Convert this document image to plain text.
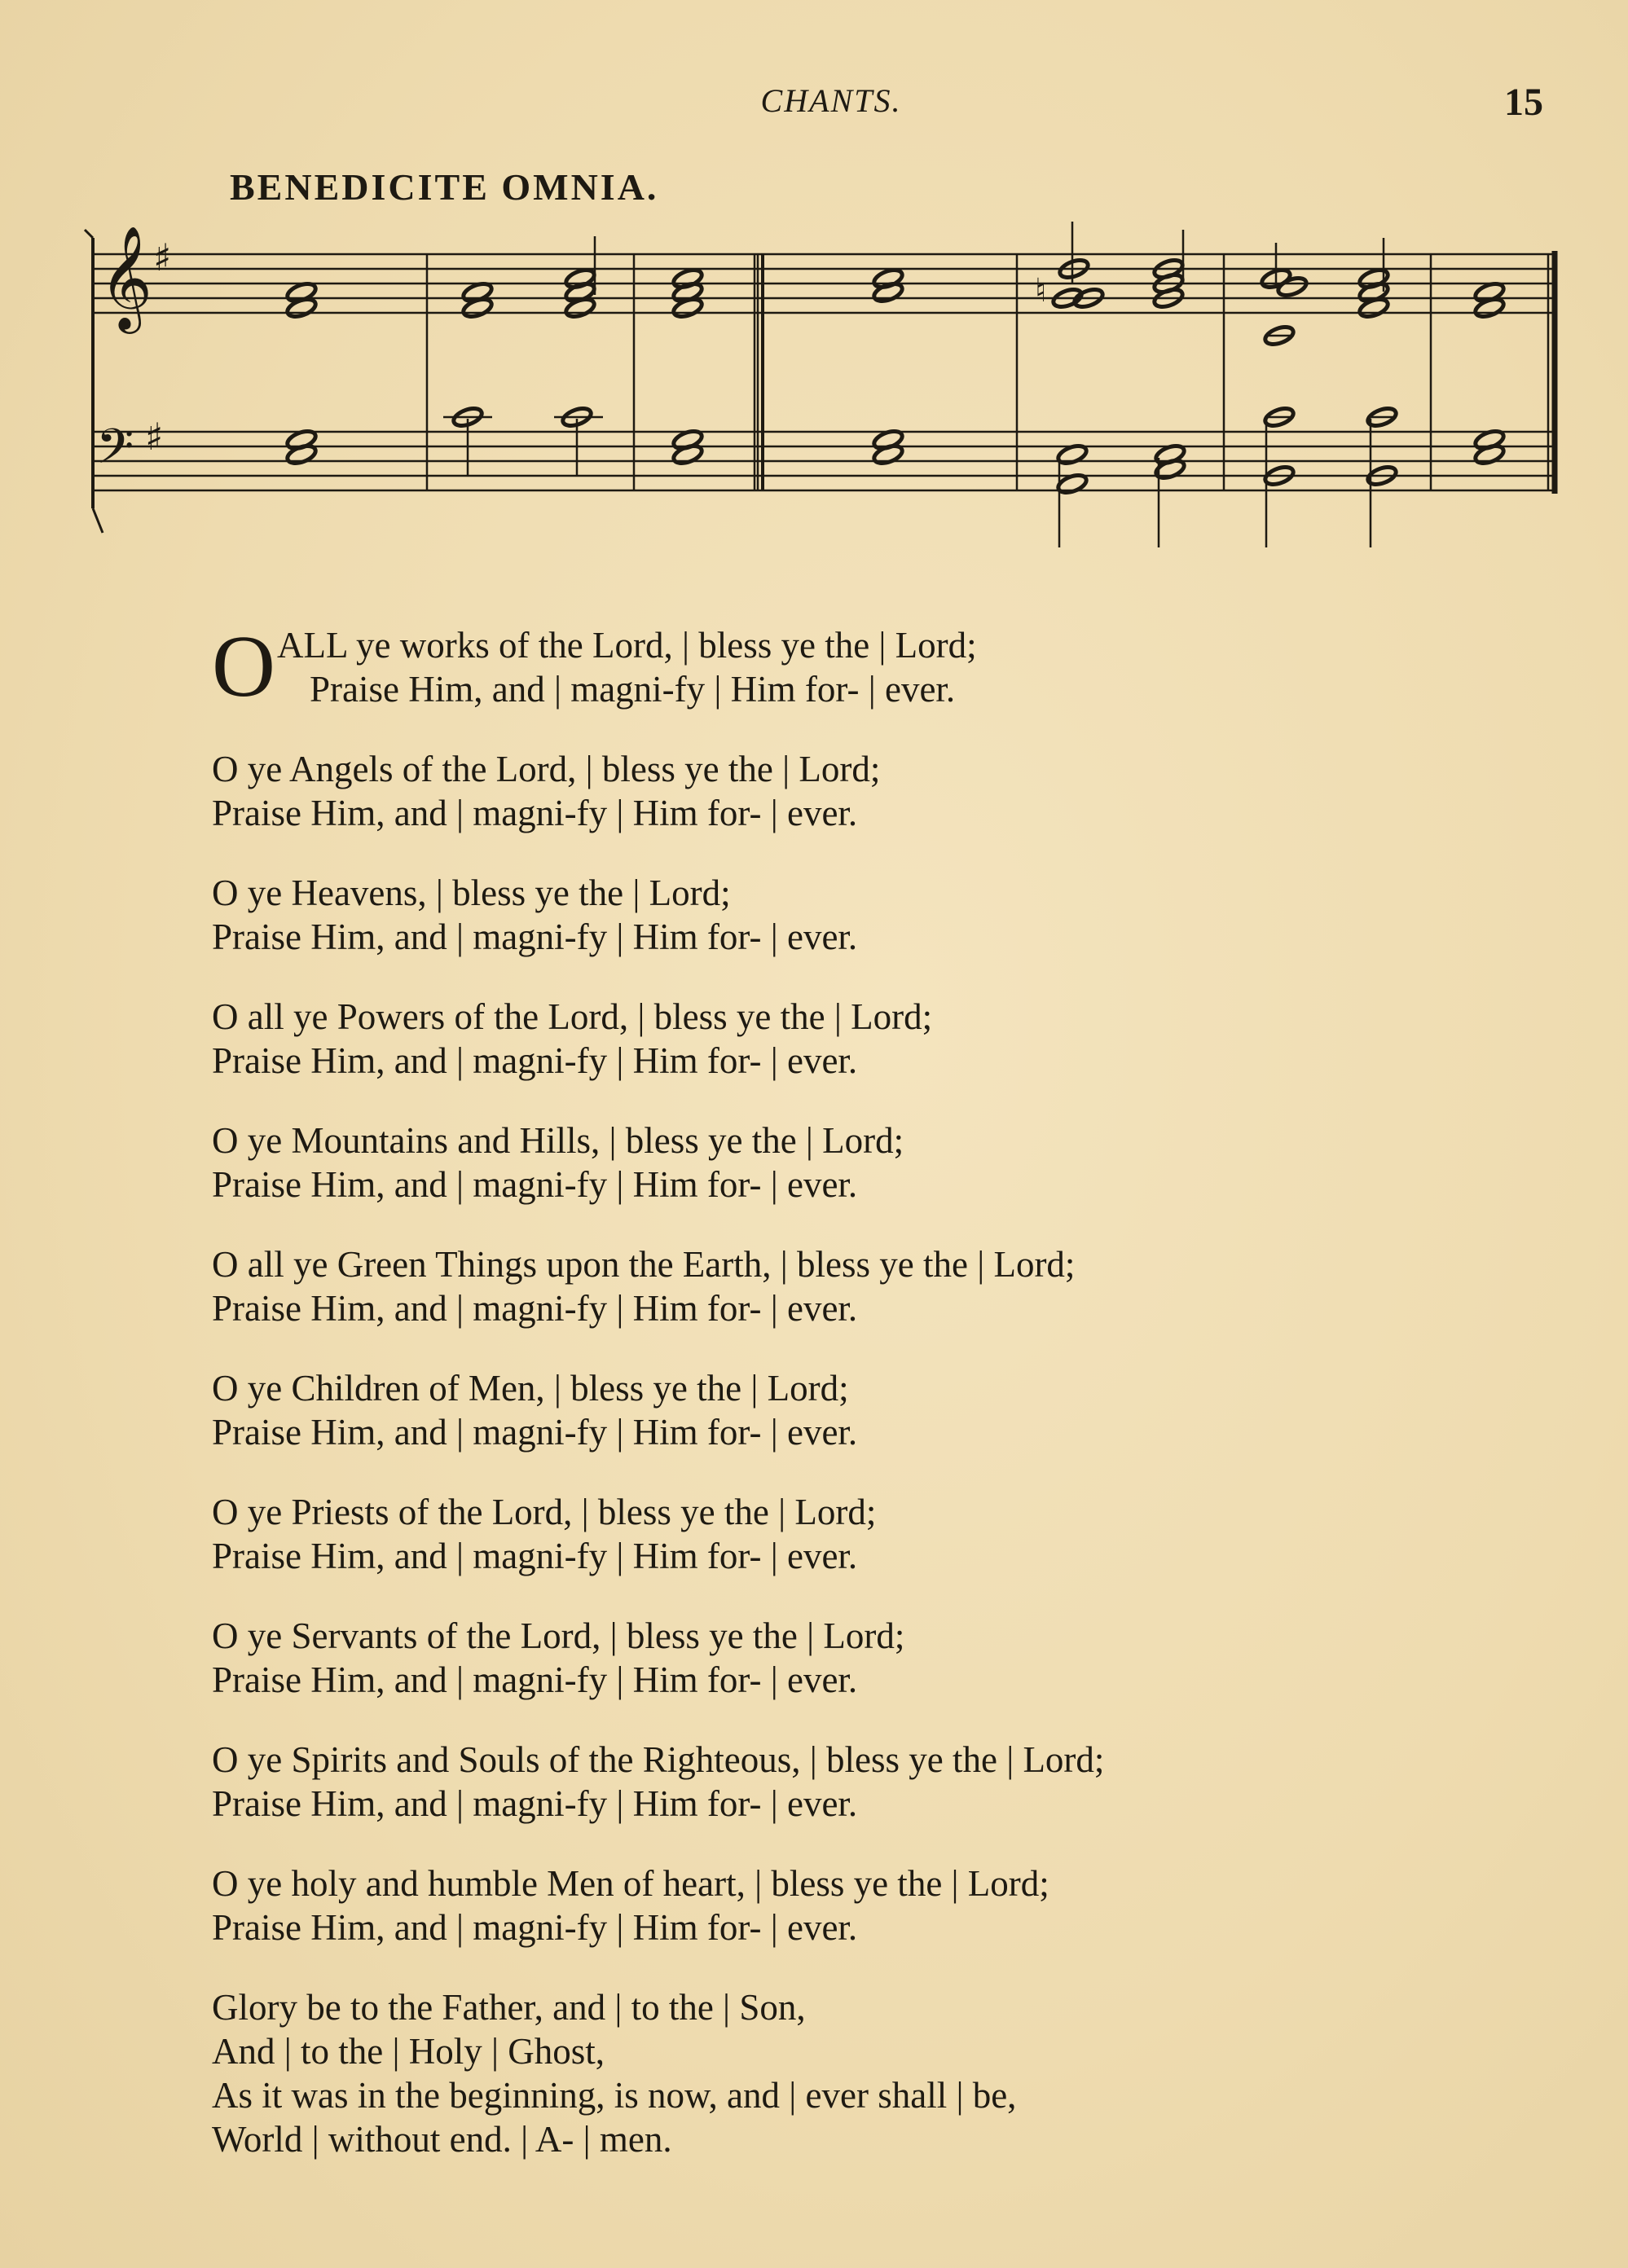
CHANTS.	15
BENEDICITE OMNIA.
𝄞
𝄢
♯
♯
♮
O ALL ye works of the Lord, | bless ye the | Lord;
Praise Him, and | magni-fy | Him for- | ever.
O ye Angels of the Lord, | bless ye the | Lord;
Praise Him, and | magni-fy | Him for- | ever.
O ye Heavens, | bless ye the | Lord;
Praise Him, and | magni-fy | Him for- | ever.
O all ye Powers of the Lord, | bless ye the | Lord;
Praise Him, and | magni-fy | Him for- | ever.
O ye Mountains and Hills, | bless ye the | Lord;
Praise Him, and | magni-fy | Him for- | ever.
O all ye Green Things upon the Earth, | bless ye the | Lord;
Praise Him, and | magni-fy | Him for- | ever.
O ye Children of Men, | bless ye the | Lord;
Praise Him, and | magni-fy | Him for- | ever.
O ye Priests of the Lord, | bless ye the | Lord;
Praise Him, and | magni-fy | Him for- | ever.
O ye Servants of the Lord, | bless ye the | Lord;
Praise Him, and | magni-fy | Him for- | ever.
O ye Spirits and Souls of the Righteous, | bless ye the | Lord;
Praise Him, and | magni-fy | Him for- | ever.
O ye holy and humble Men of heart, | bless ye the | Lord;
Praise Him, and | magni-fy | Him for- | ever.
Glory be to the Father, and | to the | Son,
And | to the | Holy | Ghost,
As it was in the beginning, is now, and | ever shall | be,
World | without end. | A- | men.
